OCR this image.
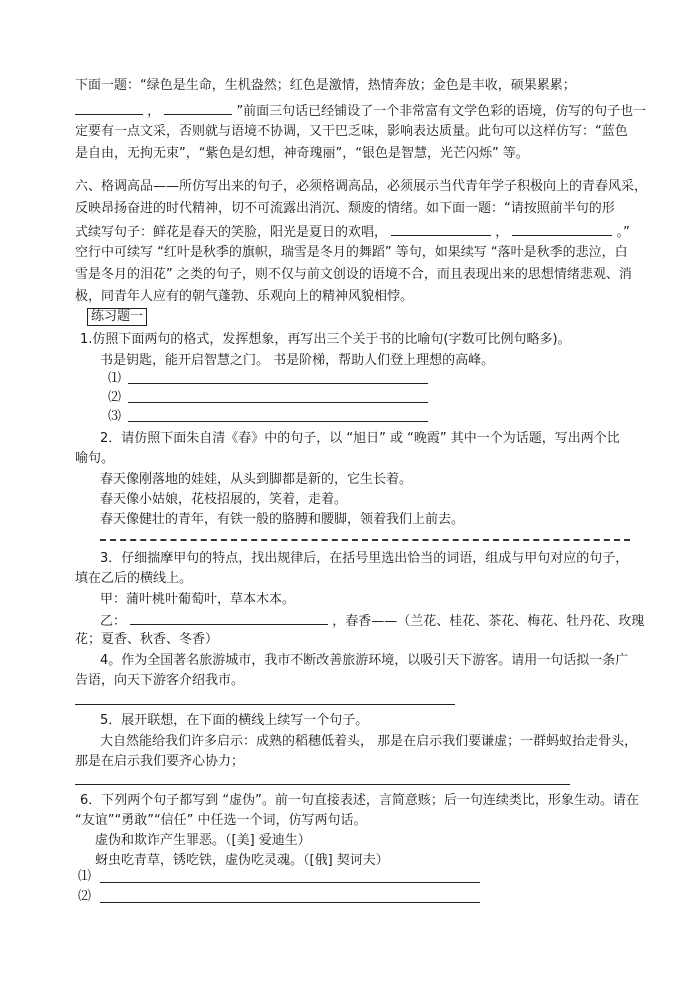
下面一题：“绿色是生命，生机盎然；红色是激情，热情奔放；金色是丰收，硕果累累；
，	”前面三句话已经铺设了一个非常富有文学色彩的语境，仿写的句子也一
定要有一点文采，否则就与语境不协调，又干巴乏味，影响表达质量。此句可以这样仿写：“蓝色
是自由，无拘无束”，“紫色是幻想，神奇瑰丽”，“银色是智慧，光芒闪烁” 等。
六、格调高品——所仿写出来的句子，必须格调高品，必须展示当代青年学子积极向上的青春风采，
反映昂扬奋进的时代精神，切不可流露出消沉、颓废的情绪。如下面一题：“请按照前半句的形
式续写句子：鲜花是春天的笑脸，阳光是夏日的欢唱，	，	。”
空行中可续写 “红叶是秋季的旗帜，瑞雪是冬月的舞蹈” 等句，如果续写 “落叶是秋季的悲泣，白
雪是冬月的泪花” 之类的句子，则不仅与前文创设的语境不合，而且表现出来的思想情绪悲观、消
极，同青年人应有的朝气蓬勃、乐观向上的精神风貌相悖。
练习题一
1.仿照下面两句的格式，发挥想象，再写出三个关于书的比喻句(字数可比例句略多)。
书是钥匙，能开启智慧之门。 书是阶梯，帮助人们登上理想的高峰。
⑴
⑵
⑶
2．请仿照下面朱自清《春》中的句子，以 “旭日” 或 “晚霞” 其中一个为话题，写出两个比
喻句。
春天像刚落地的娃娃，从头到脚都是新的，它生长着。
春天像小姑娘，花枝招展的，笑着，走着。
春天像健壮的青年，有铁一般的胳膊和腰脚，领着我们上前去。
3．仔细揣摩甲句的特点，找出规律后，在括号里选出恰当的词语，组成与甲句对应的句子，
填在乙后的横线上。
甲：蒲叶桃叶葡萄叶，草本木本。
乙：	，春香——（兰花、桂花、茶花、梅花、牡丹花、玫瑰
花；夏香、秋香、冬香）
4。作为全国著名旅游城市，我市不断改善旅游环境，以吸引天下游客。请用一句话拟一条广
告语，向天下游客介绍我市。
5．展开联想，在下面的横线上续写一个句子。
大自然能给我们许多启示：成熟的稻穗低着头， 那是在启示我们要谦虚；一群蚂蚁抬走骨头，
那是在启示我们要齐心协力；
6．下列两个句子都写到 “虚伪”。前一句直接表述，言简意赅；后一句连续类比，形象生动。请在
“友谊”“勇敢”“信任” 中任选一个词，仿写两句话。
虚伪和欺诈产生罪恶。（[美] 爱迪生）
蚜虫吃青草，锈吃铁，虚伪吃灵魂。（[俄] 契诃夫）
⑴
⑵
